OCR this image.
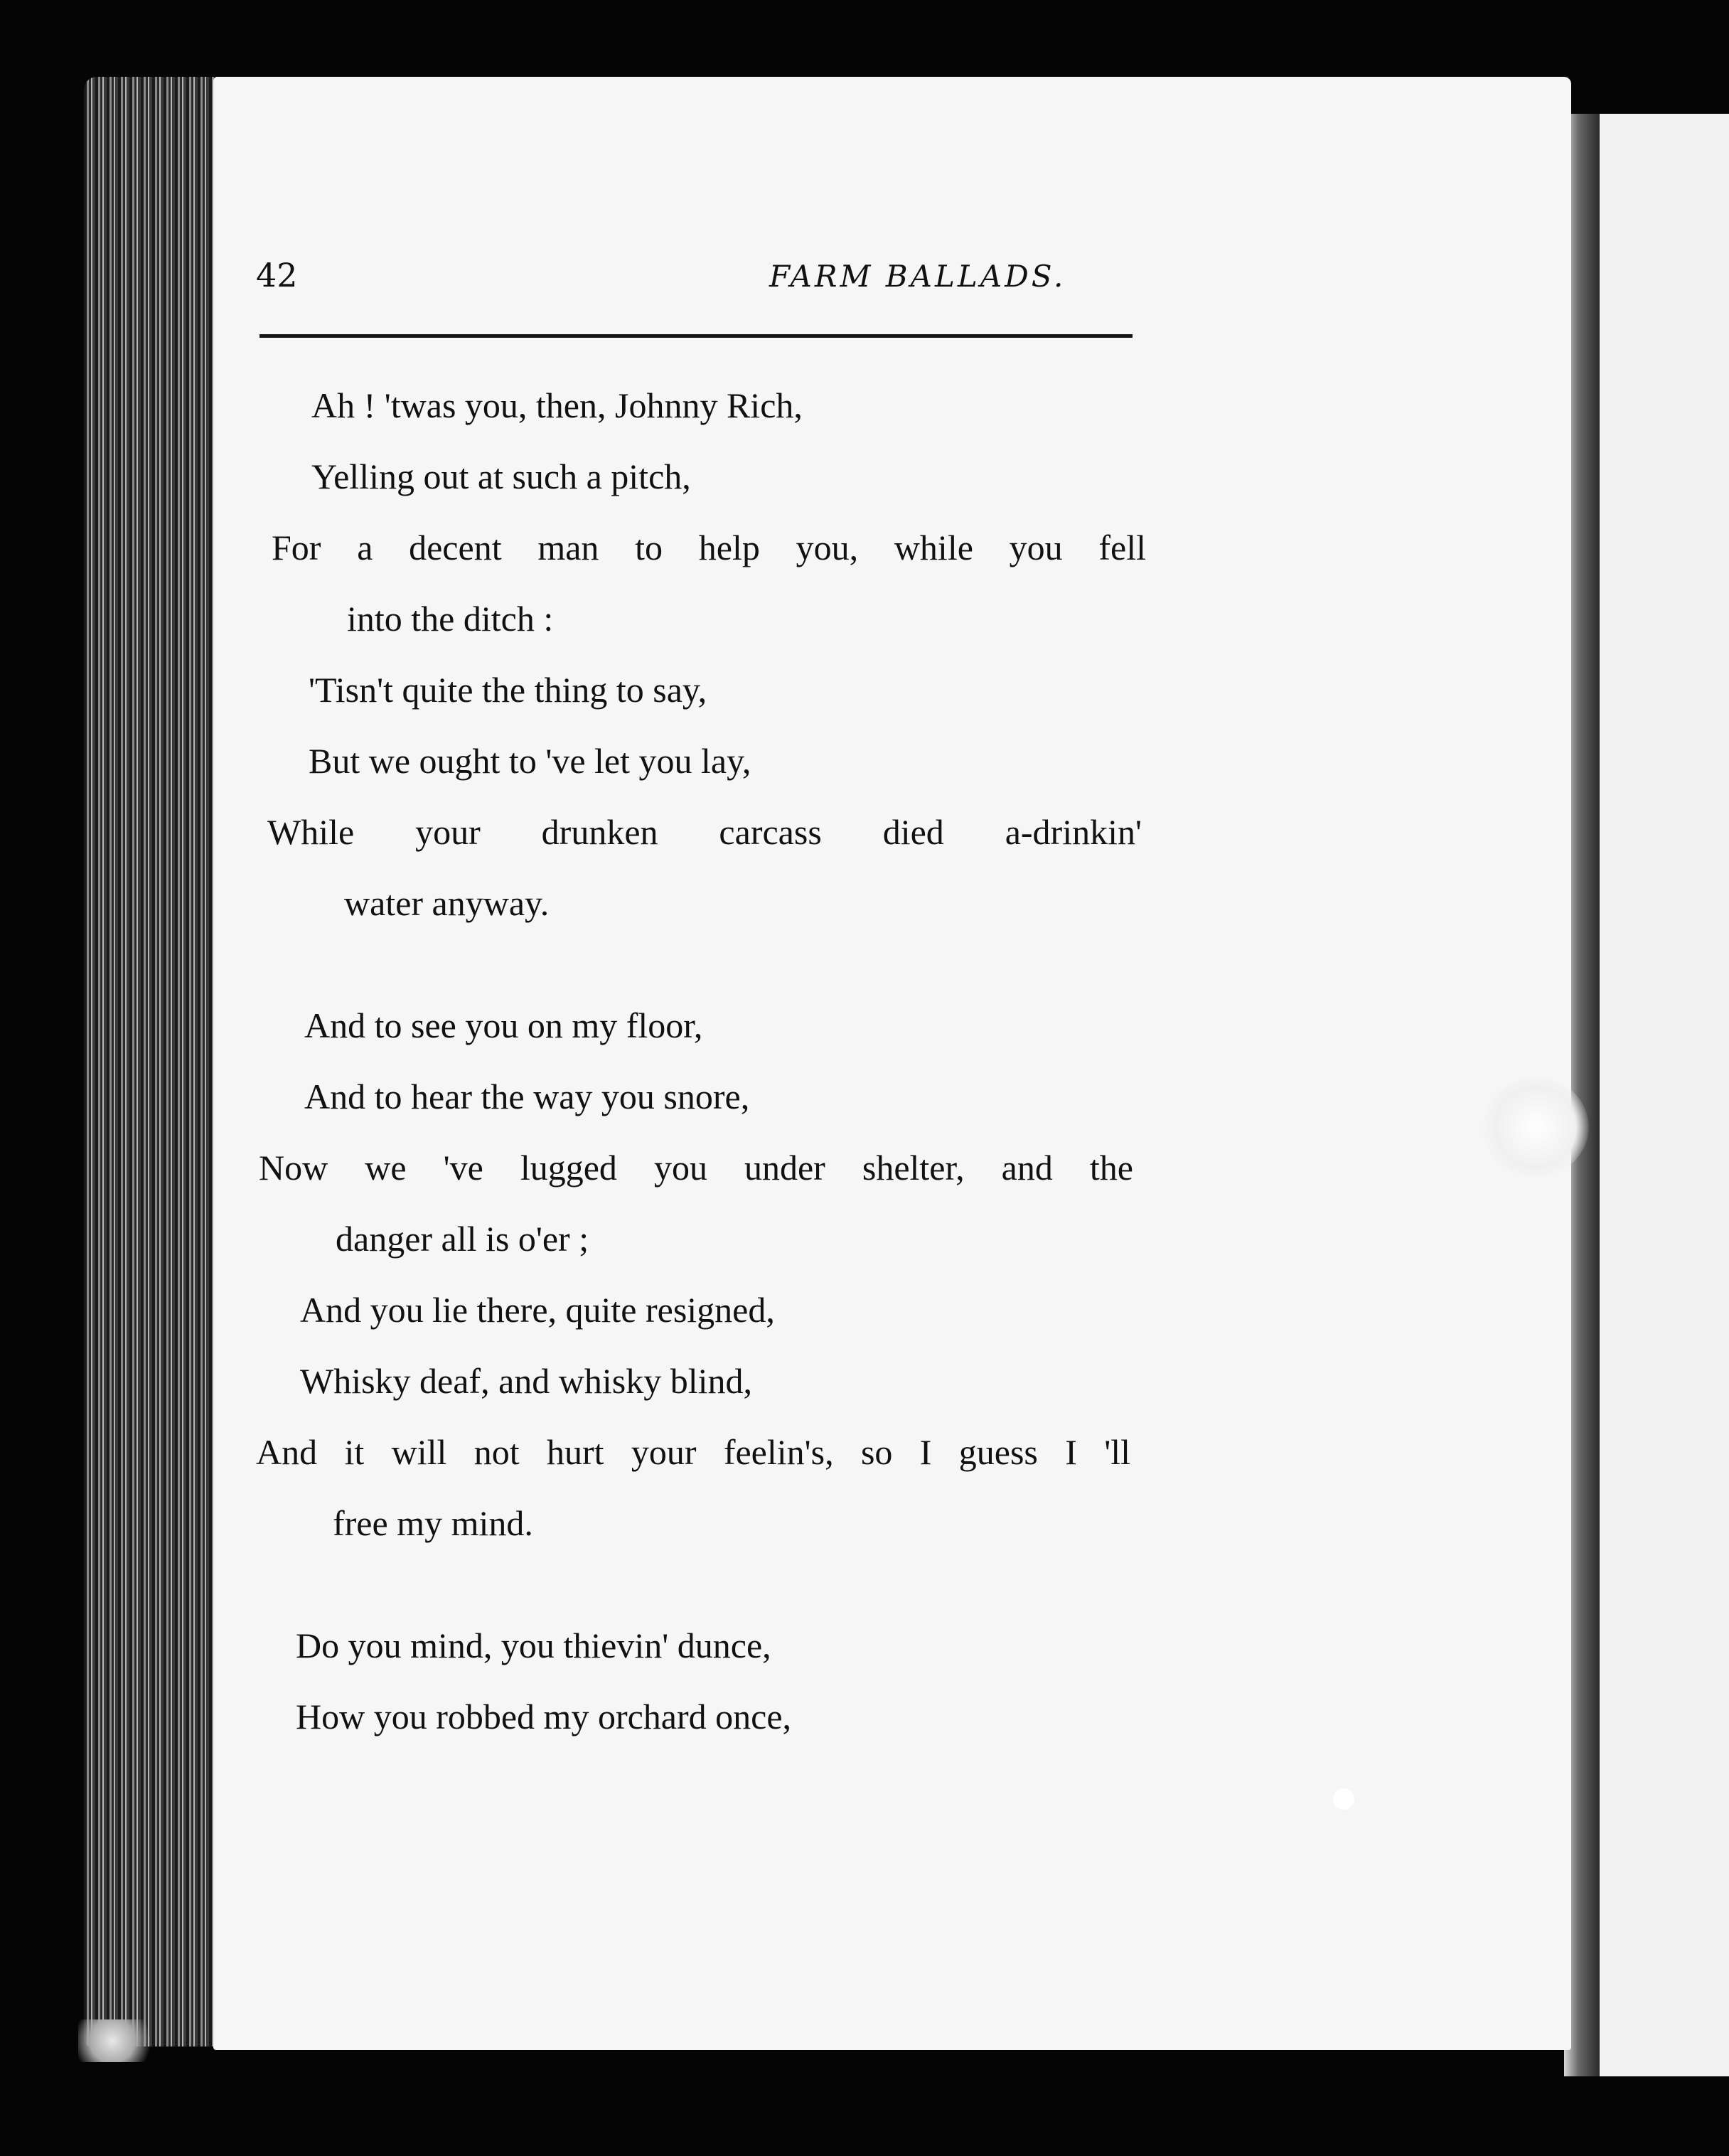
42	FARM BALLADS.
Ah ! 'twas you, then, Johnny Rich,
Yelling out at such a pitch,
For a decent man to help you, while you fell
into the ditch :
'Tisn't quite the thing to say,
But we ought to 've let you lay,
While your drunken carcass died a-drinkin'
water anyway.
And to see you on my floor,
And to hear the way you snore,
Now we 've lugged you under shelter, and the
danger all is o'er ;
And you lie there, quite resigned,
Whisky deaf, and whisky blind,
And it will not hurt your feelin's, so I guess I 'll
free my mind.
Do you mind, you thievin' dunce,
How you robbed my orchard once,
